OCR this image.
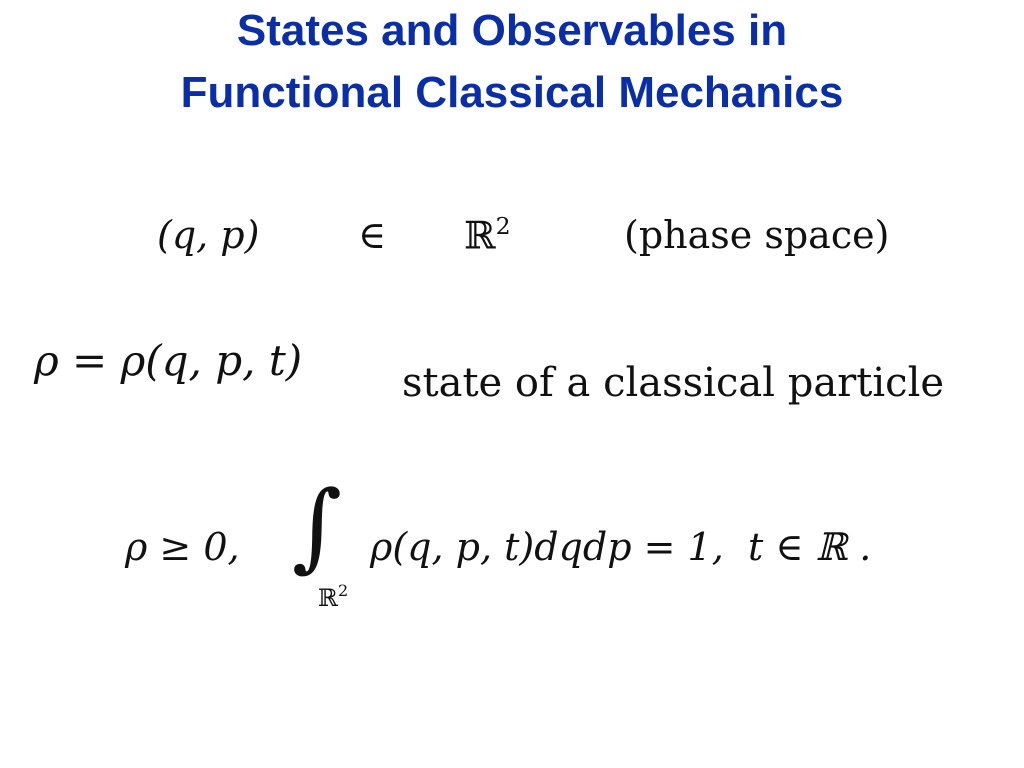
States and Observables in
Functional Classical Mechanics
(q, p)	∈ ℝ$^2$	(phase space)
ρ = ρ(q, p, t) state of a classical particle
ρ ≥ 0, ∫
ℝ$^2$
ρ(q, p, t)dqdp = 1, t ∈ ℝ .
